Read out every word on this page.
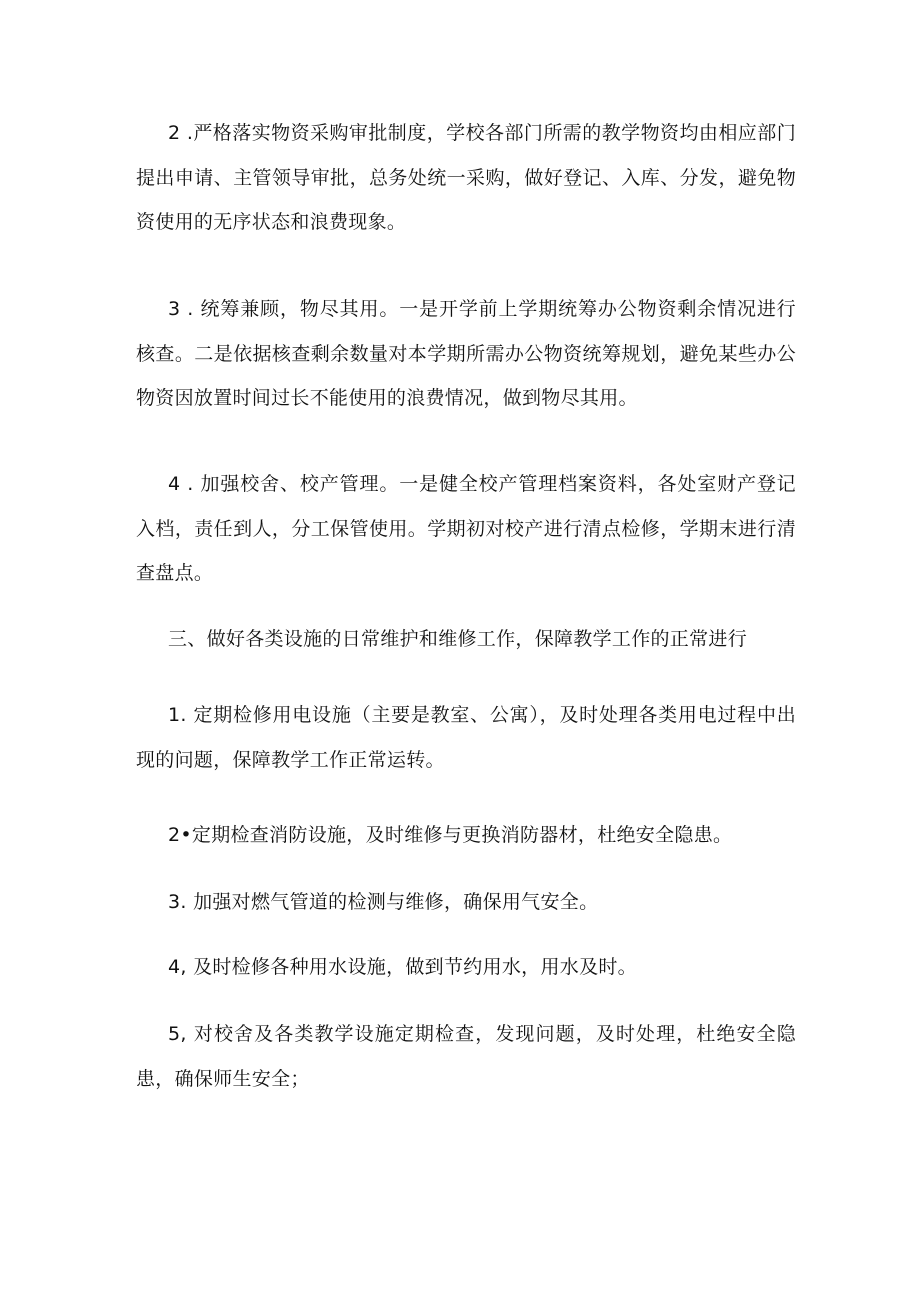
2 .严格落实物资采购审批制度，学校各部门所需的教学物资均由相应部门提出申请、主管领导审批，总务处统一采购，做好登记、入库、分发，避免物资使用的无序状态和浪费现象。

3 . 统筹兼顾，物尽其用。一是开学前上学期统筹办公物资剩余情况进行核查。二是依据核查剩余数量对本学期所需办公物资统筹规划，避免某些办公物资因放置时间过长不能使用的浪费情况，做到物尽其用。

4 . 加强校舍、校产管理。一是健全校产管理档案资料，各处室财产登记入档，责任到人，分工保管使用。学期初对校产进行清点检修，学期末进行清查盘点。

三、做好各类设施的日常维护和维修工作，保障教学工作的正常进行

1. 定期检修用电设施（主要是教室、公寓），及时处理各类用电过程中出现的问题，保障教学工作正常运转。

2•定期检查消防设施，及时维修与更换消防器材，杜绝安全隐患。

3. 加强对燃气管道的检测与维修，确保用气安全。

4, 及时检修各种用水设施，做到节约用水，用水及时。

5, 对校舍及各类教学设施定期检查，发现问题，及时处理，杜绝安全隐患，确保师生安全；
